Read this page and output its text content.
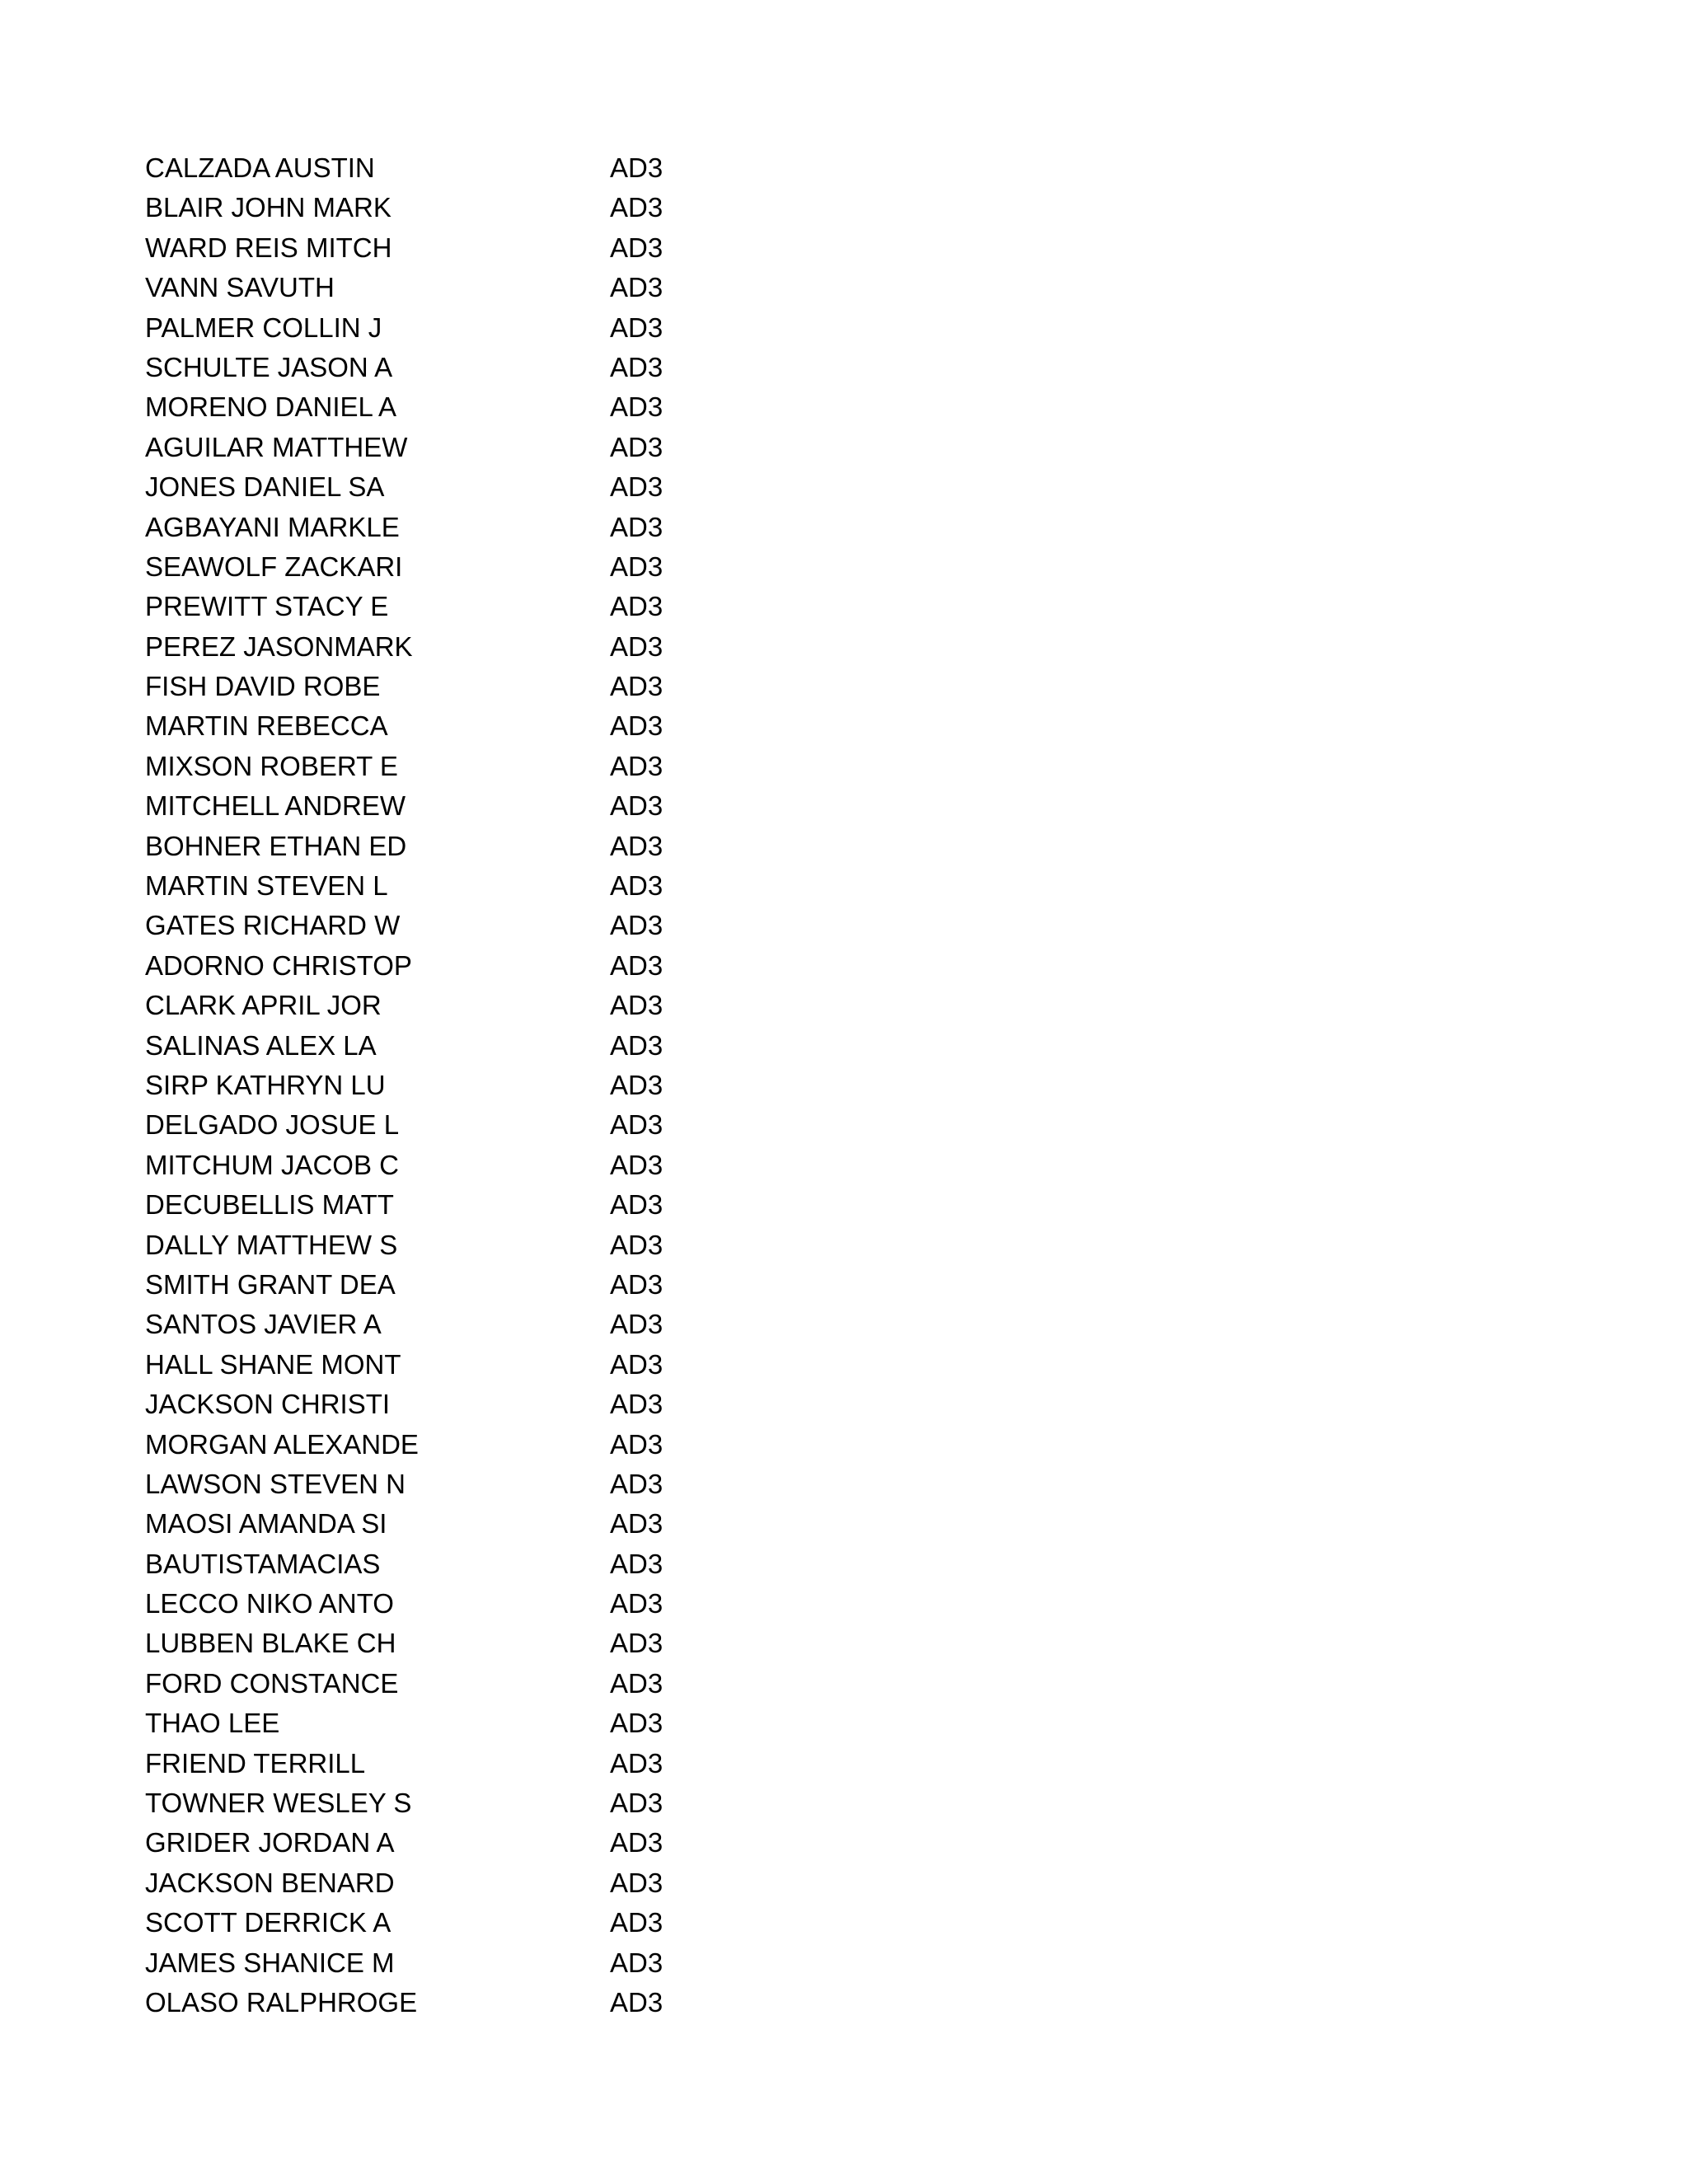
CALZADA AUSTIN	AD3
BLAIR JOHN MARK	AD3
WARD REIS MITCH	AD3
VANN SAVUTH	AD3
PALMER COLLIN J	AD3
SCHULTE JASON A	AD3
MORENO DANIEL A	AD3
AGUILAR MATTHEW	AD3
JONES DANIEL SA	AD3
AGBAYANI MARKLE	AD3
SEAWOLF ZACKARI	AD3
PREWITT STACY E	AD3
PEREZ JASONMARK	AD3
FISH DAVID ROBE	AD3
MARTIN REBECCA	AD3
MIXSON ROBERT E	AD3
MITCHELL ANDREW	AD3
BOHNER ETHAN ED	AD3
MARTIN STEVEN L	AD3
GATES RICHARD W	AD3
ADORNO CHRISTOP	AD3
CLARK APRIL JOR	AD3
SALINAS ALEX LA	AD3
SIRP KATHRYN LU	AD3
DELGADO JOSUE L	AD3
MITCHUM JACOB C	AD3
DECUBELLIS MATT	AD3
DALLY MATTHEW S	AD3
SMITH GRANT DEA	AD3
SANTOS JAVIER A	AD3
HALL SHANE MONT	AD3
JACKSON CHRISTI	AD3
MORGAN ALEXANDE	AD3
LAWSON STEVEN N	AD3
MAOSI AMANDA SI	AD3
BAUTISTAMACIAS	AD3
LECCO NIKO ANTO	AD3
LUBBEN BLAKE CH	AD3
FORD CONSTANCE	AD3
THAO LEE	AD3
FRIEND TERRILL	AD3
TOWNER WESLEY S	AD3
GRIDER JORDAN A	AD3
JACKSON BENARD	AD3
SCOTT DERRICK A	AD3
JAMES SHANICE M	AD3
OLASO RALPHROGE	AD3
